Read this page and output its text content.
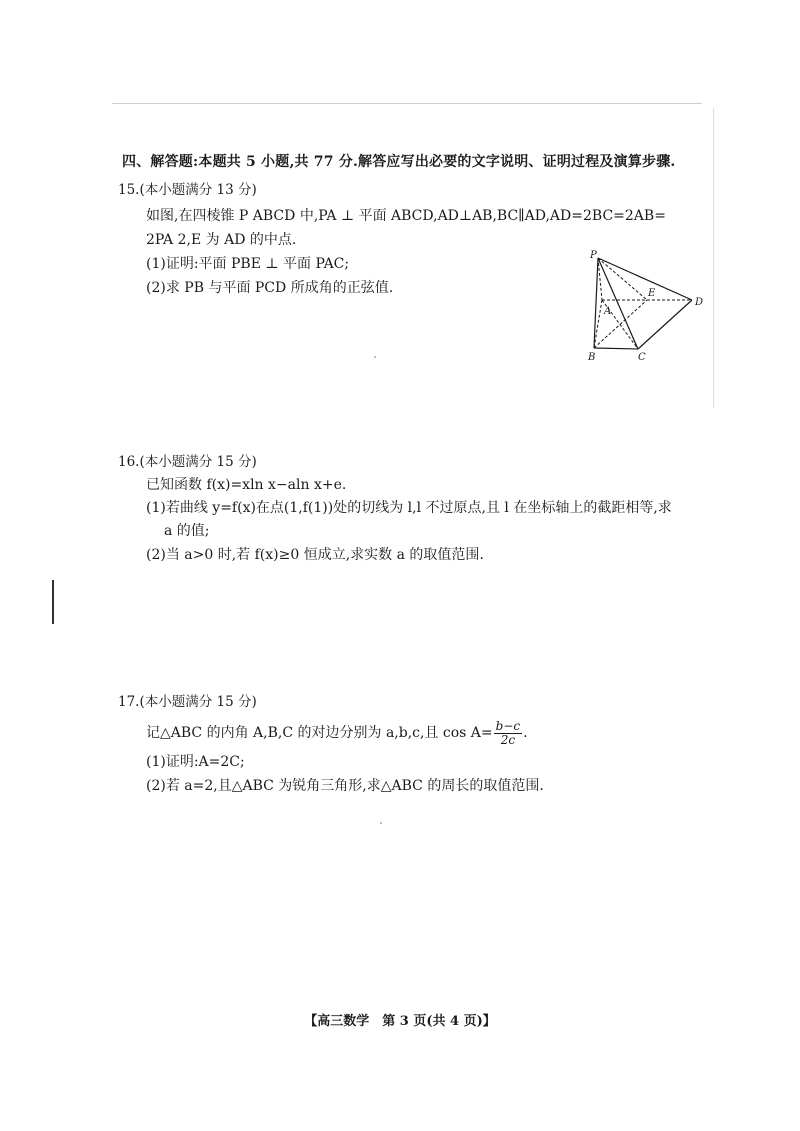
四、解答题:本题共 5 小题,共 77 分.解答应写出必要的文字说明、证明过程及演算步骤.
15.(本小题满分 13 分)
如图,在四棱锥 P ABCD 中,PA ⊥ 平面 ABCD,AD⊥AB,BC∥AD,AD=2BC=2AB=
2PA 2,E 为 AD 的中点.
(1)证明:平面 PBE ⊥ 平面 PAC;
(2)求 PB 与平面 PCD 所成角的正弦值.
P
A
B	C
D
E
16.(本小题满分 15 分)
已知函数 f(x)=xln x−aln x+e.
(1)若曲线 y=f(x)在点(1,f(1))处的切线为 l,l 不过原点,且 l 在坐标轴上的截距相等,求
a 的值;
(2)当 a>0 时,若 f(x)≥0 恒成立,求实数 a 的取值范围.
17.(本小题满分 15 分)
记△ABC 的内角 A,B,C 的对边分别为 a,b,c,且 $\cos A= \frac{b-c}{2c}$ .
(1)证明:A=2C;
(2)若 a=2,且△ABC 为锐角三角形,求△ABC 的周长的取值范围.
【高三数学　第 3 页(共 4 页)】
